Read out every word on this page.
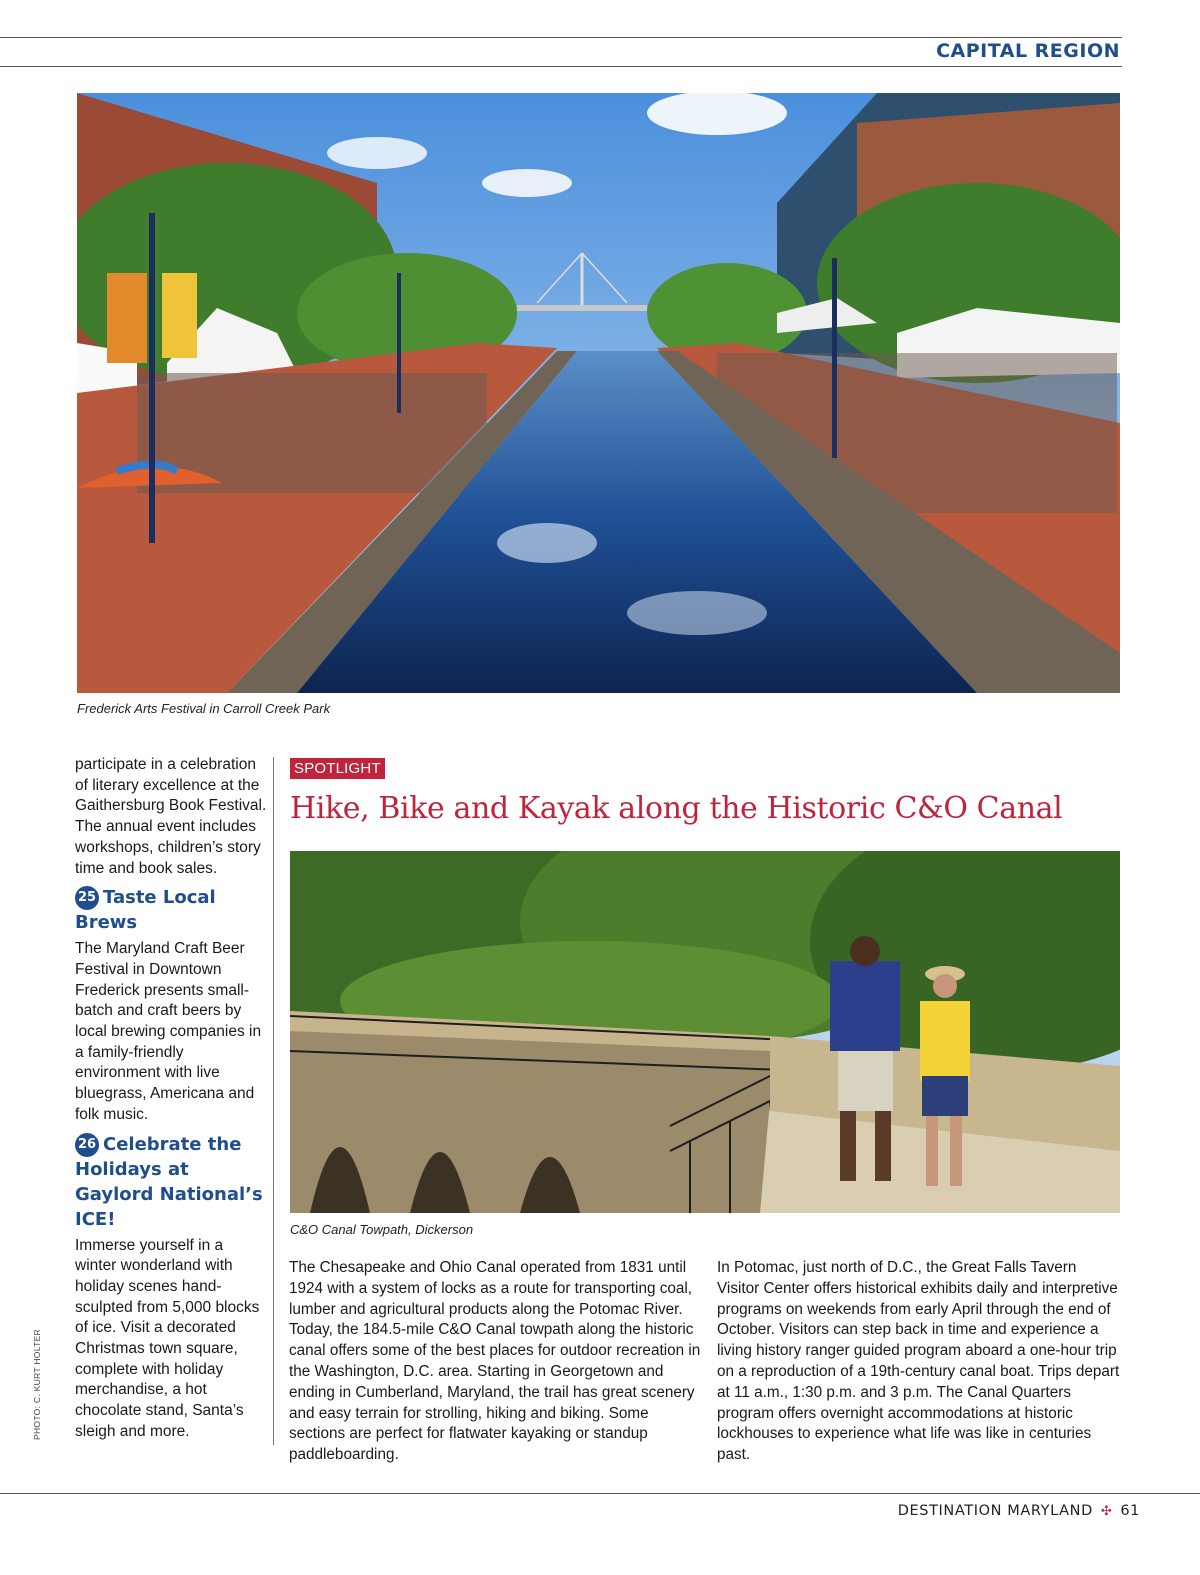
CAPITAL REGION
Frederick Arts Festival in Carroll Creek Park

participate in a celebration of literary excellence at the Gaithersburg Book Festival. The annual event includes workshops, children’s story time and book sales.

25 Taste Local Brews

The Maryland Craft Beer Festival in Downtown Frederick presents small-batch and craft beers by local brewing companies in a family-friendly environment with live bluegrass, Americana and folk music.

26 Celebrate the Holidays at Gaylord National’s ICE!

Immerse yourself in a winter wonderland with holiday scenes hand-sculpted from 5,000 blocks of ice. Visit a decorated Christmas town square, complete with holiday merchandise, a hot chocolate stand, Santa’s sleigh and more.

PHOTO: C. KURT HOLTER
SPOTLIGHT
Hike, Bike and Kayak along the Historic C&O Canal
C&O Canal Towpath, Dickerson

The Chesapeake and Ohio Canal operated from 1831 until 1924 with a system of locks as a route for transporting coal, lumber and agricultural products along the Potomac River. Today, the 184.5-mile C&O Canal towpath along the historic canal offers some of the best places for outdoor recreation in the Washington, D.C. area. Starting in Georgetown and ending in Cumberland, Maryland, the trail has great scenery and easy terrain for strolling, hiking and biking. Some sections are perfect for flatwater kayaking or standup paddleboarding.

In Potomac, just north of D.C., the Great Falls Tavern Visitor Center offers historical exhibits daily and interpretive programs on weekends from early April through the end of October. Visitors can step back in time and experience a living history ranger guided program aboard a one-hour trip on a reproduction of a 19th-century canal boat. Trips depart at 11 a.m., 1:30 p.m. and 3 p.m. The Canal Quarters program offers overnight accommodations at historic lockhouses to experience what life was like in centuries past.

DESTINATION MARYLAND ✣ 61
